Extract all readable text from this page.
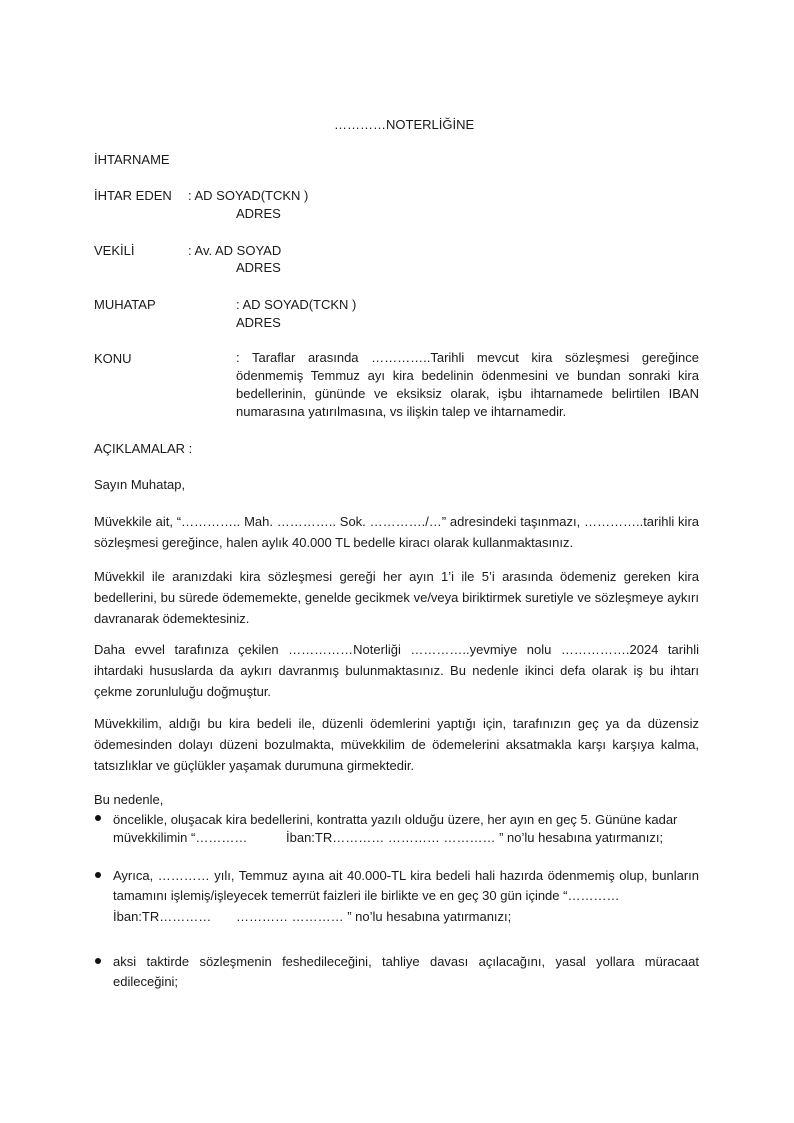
…………NOTERLİĞİNE
İHTARNAME
İHTAR EDEN : AD SOYAD(TCKN )
ADRES
VEKİLİ	: Av. AD SOYAD
ADRES
MUHATAP	: AD SOYAD(TCKN )
ADRES
KONU	: Taraflar arasında …………..Tarihli mevcut kira sözleşmesi gereğince ödenmemiş Temmuz ayı kira bedelinin ödenmesini ve bundan sonraki kira bedellerinin, gününde ve eksiksiz olarak, işbu ihtarnamede belirtilen IBAN numarasına yatırılmasına, vs ilişkin talep ve ihtarnamedir.
AÇIKLAMALAR :
Sayın Muhatap,
Müvekkile ait, “………….. Mah. ………….. Sok. …………./…” adresindeki taşınmazı, …………..tarihli kira sözleşmesi gereğince, halen aylık 40.000 TL bedelle kiracı olarak kullanmaktasınız.
Müvekkil ile aranızdaki kira sözleşmesi gereği her ayın 1’i ile 5’i arasında ödemeniz gereken kira bedellerini, bu sürede ödememekte, genelde gecikmek ve/veya biriktirmek suretiyle ve sözleşmeye aykırı davranarak ödemektesiniz.
Daha evvel tarafınıza çekilen ……………Noterliği …………..yevmiye nolu …………….2024 tarihli ihtardaki hususlarda da aykırı davranmış bulunmaktasınız. Bu nedenle ikinci defa olarak iş bu ihtarı çekme zorunluluğu doğmuştur.
Müvekkilim, aldığı bu kira bedeli ile, düzenli ödemlerini yaptığı için, tarafınızın geç ya da düzensiz ödemesinden dolayı düzeni bozulmakta, müvekkilim de ödemelerini aksatmakla karşı karşıya kalma, tatsızlıklar ve güçlükler yaşamak durumuna girmektedir.
Bu nedenle,
öncelikle, oluşacak kira bedellerini, kontratta yazılı olduğu üzere, her ayın en geç 5. Gününe kadar
müvekkilimin “…………	İban:TR………… ………… ………… ” no’lu hesabına yatırmanızı;
Ayrıca, ………… yılı, Temmuz ayına ait 40.000-TL kira bedeli hali hazırda ödenmemiş olup, bunların tamamını işlemiş/işleyecek temerrüt faizleri ile birlikte ve en geç 30 gün içinde “…………
İban:TR………… ………… ………… ” no’lu hesabına yatırmanızı;
aksi taktirde sözleşmenin feshedileceğini, tahliye davası açılacağını, yasal yollara müracaat edileceğini;
